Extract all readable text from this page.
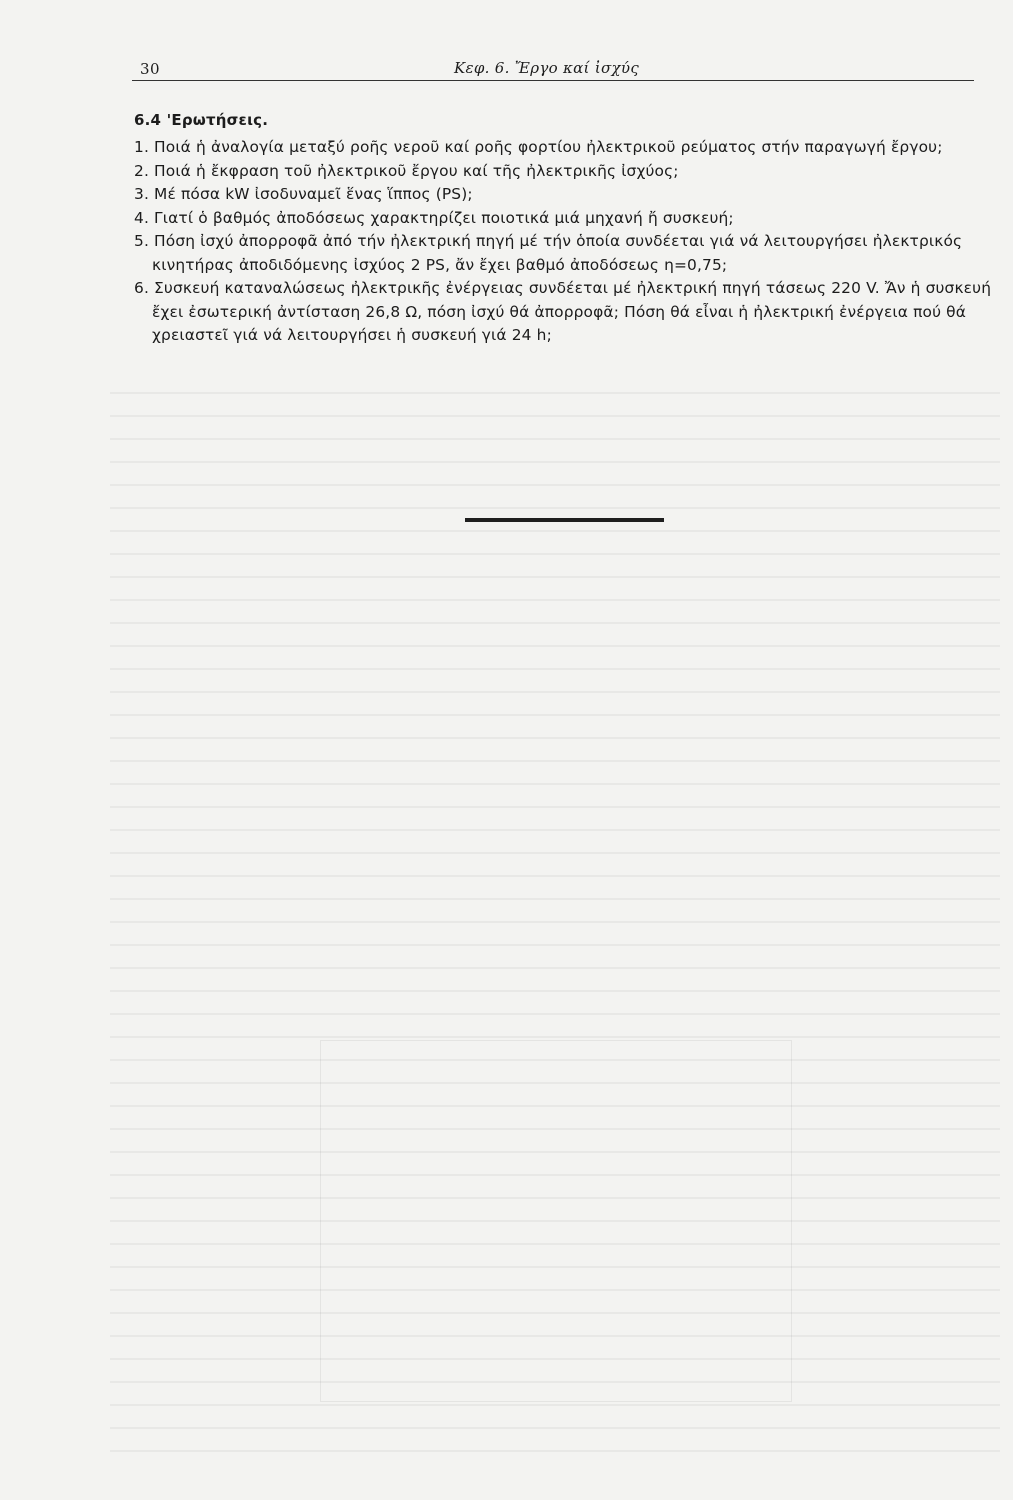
30	Κεφ. 6. Ἔργο καί ἰσχύς
6.4 'Ερωτήσεις.
1. Ποιά ἡ ἀναλογία μεταξύ ροῆς νεροῦ καί ροῆς φορτίου ἠλεκτρικοῦ ρεύματος στήν παραγωγή ἔργου;
2. Ποιά ἡ ἔκφραση τοῦ ἠλεκτρικοῦ ἔργου καί τῆς ἠλεκτρικῆς ἰσχύος;
3. Μέ πόσα kW ἰσοδυναμεῖ ἕνας ἵππος (PS);
4. Γιατί ὁ βαθμός ἀποδόσεως χαρακτηρίζει ποιοτικά μιά μηχανή ἤ συσκευή;
5. Πόση ἰσχύ ἀπορροφᾶ ἀπό τήν ἠλεκτρική πηγή μέ τήν ὁποία συνδέεται γιά νά λειτουργήσει ἠλεκτρικός κινητήρας ἀποδιδόμενης ἰσχύος 2 PS, ἄν ἔχει βαθμό ἀποδόσεως η=0,75;
6. Συσκευή καταναλώσεως ἠλεκτρικῆς ἐνέργειας συνδέεται μέ ἠλεκτρική πηγή τάσεως 220 V. Ἄν ἡ συσκευή ἔχει ἐσωτερική ἀντίσταση 26,8 Ω, πόση ἰσχύ θά ἀπορροφᾶ; Πόση θά εἶναι ἡ ἠλεκτρική ἐνέργεια πού θά χρειαστεῖ γιά νά λειτουργήσει ἡ συσκευή γιά 24 h;
